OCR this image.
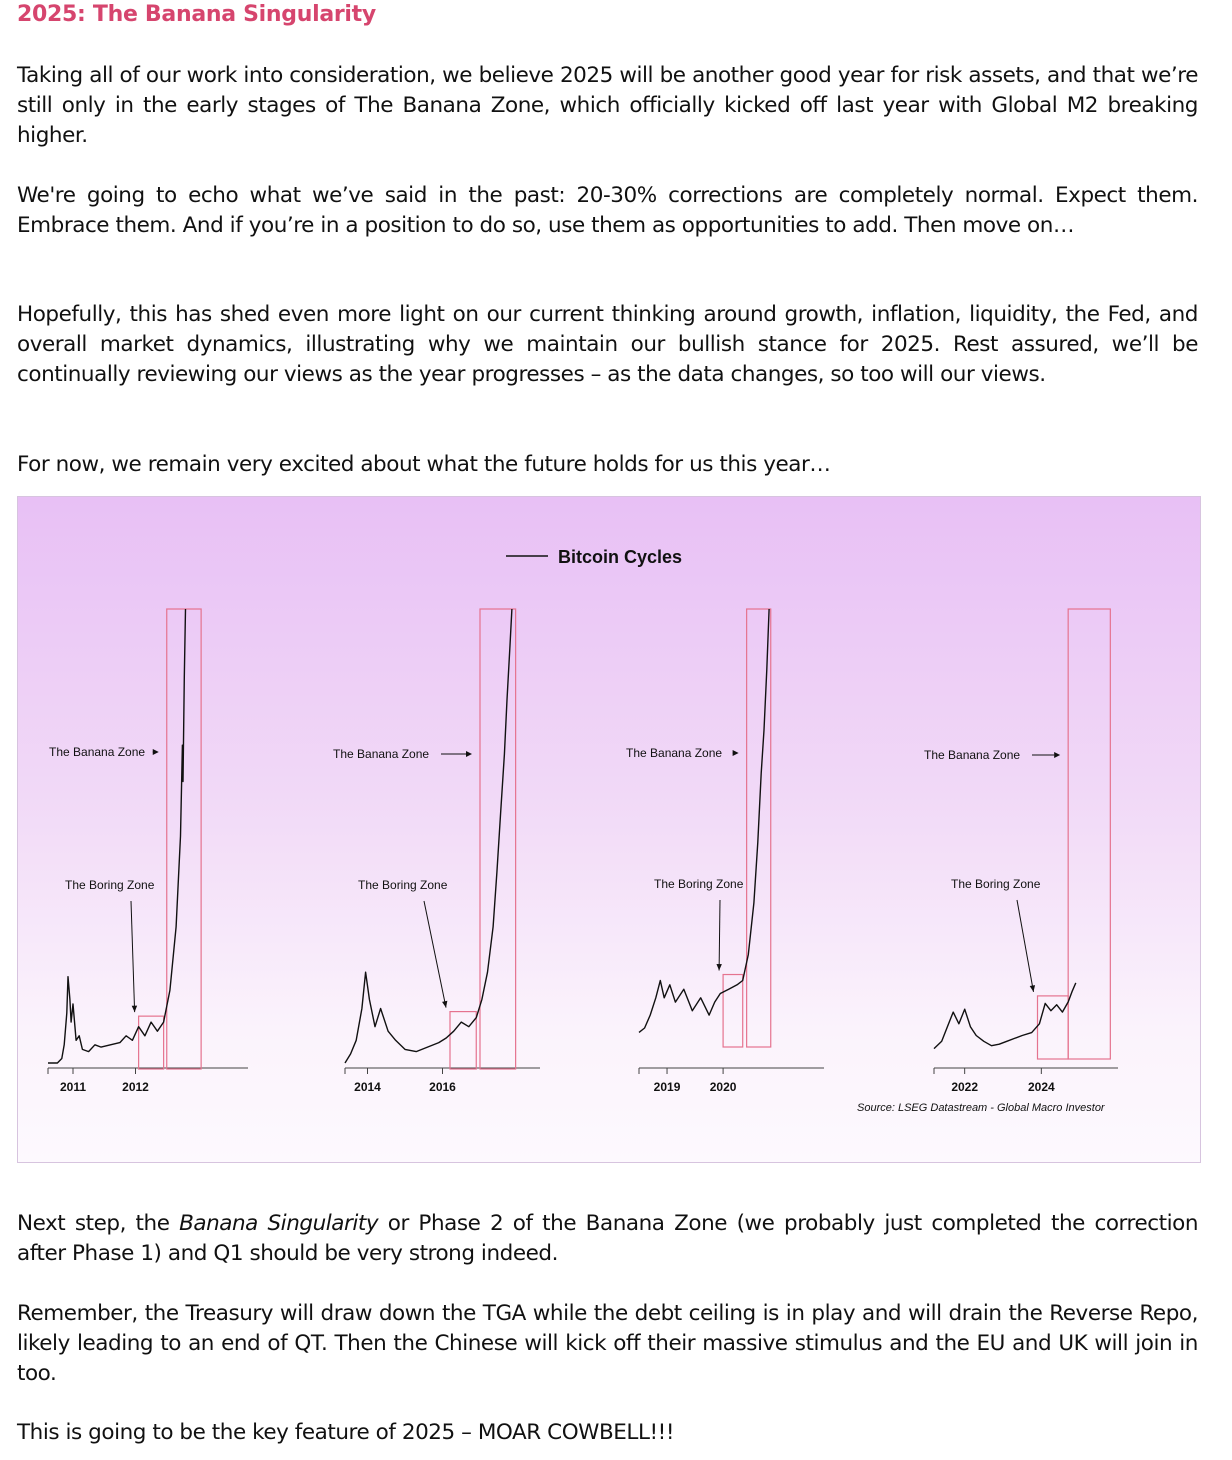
2025: The Banana Singularity

Taking all of our work into consideration, we believe 2025 will be another good year for risk assets, and that we’re still only in the early stages of The Banana Zone, which officially kicked off last year with Global M2 breaking higher.

We're going to echo what we’ve said in the past: 20-30% corrections are completely normal. Expect them. Embrace them. And if you’re in a position to do so, use them as opportunities to add. Then move on…

Hopefully, this has shed even more light on our current thinking around growth, inflation, liquidity, the Fed, and overall market dynamics, illustrating why we maintain our bullish stance for 2025. Rest assured, we’ll be continually reviewing our views as the year progresses – as the data changes, so too will our views.

For now, we remain very excited about what the future holds for us this year…

Bitcoin Cycles
2011	2012
The Banana Zone
The Boring Zone
2014	2016
The Banana Zone
The Boring Zone
2019 2020
The Banana Zone
The Boring Zone
2022	2024
The Banana Zone
The Boring Zone
Source: LSEG Datastream - Global Macro Investor

Next step, the Banana Singularity or Phase 2 of the Banana Zone (we probably just completed the correction after Phase 1) and Q1 should be very strong indeed.

Remember, the Treasury will draw down the TGA while the debt ceiling is in play and will drain the Reverse Repo, likely leading to an end of QT. Then the Chinese will kick off their massive stimulus and the EU and UK will join in too.

This is going to be the key feature of 2025 – MOAR COWBELL!!!
